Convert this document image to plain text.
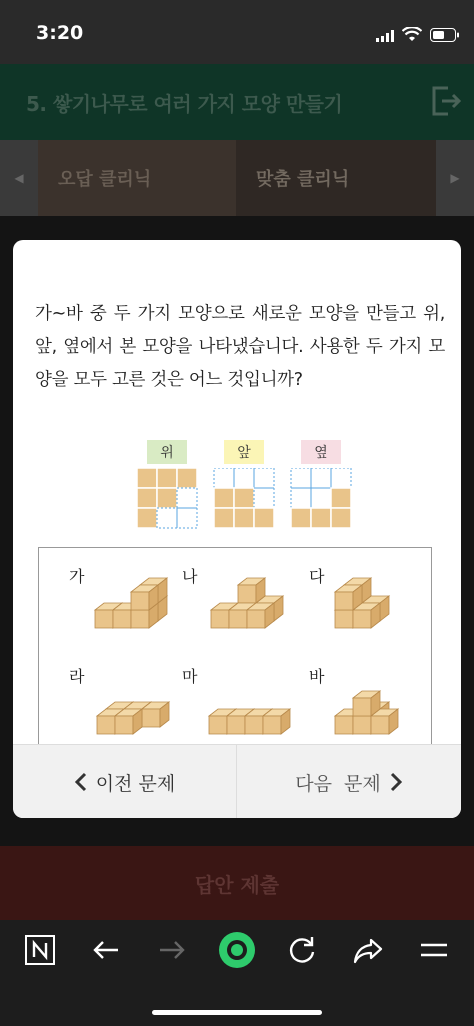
3:20
5. 쌓기나무로 여러 가지 모양 만들기
◀	오답 클리닉	맞춤 클리닉	▶
가~바 중 두 가지 모양으로 새로운 모양을 만들고 위, 앞, 옆에서 본 모양을 나타냈습니다. 사용한 두 가지 모양을 모두 고른 것은 어느 것입니까?
위	앞	옆
가	나	다
라	마	바
이전 문제	다음  문제
답안 제출
